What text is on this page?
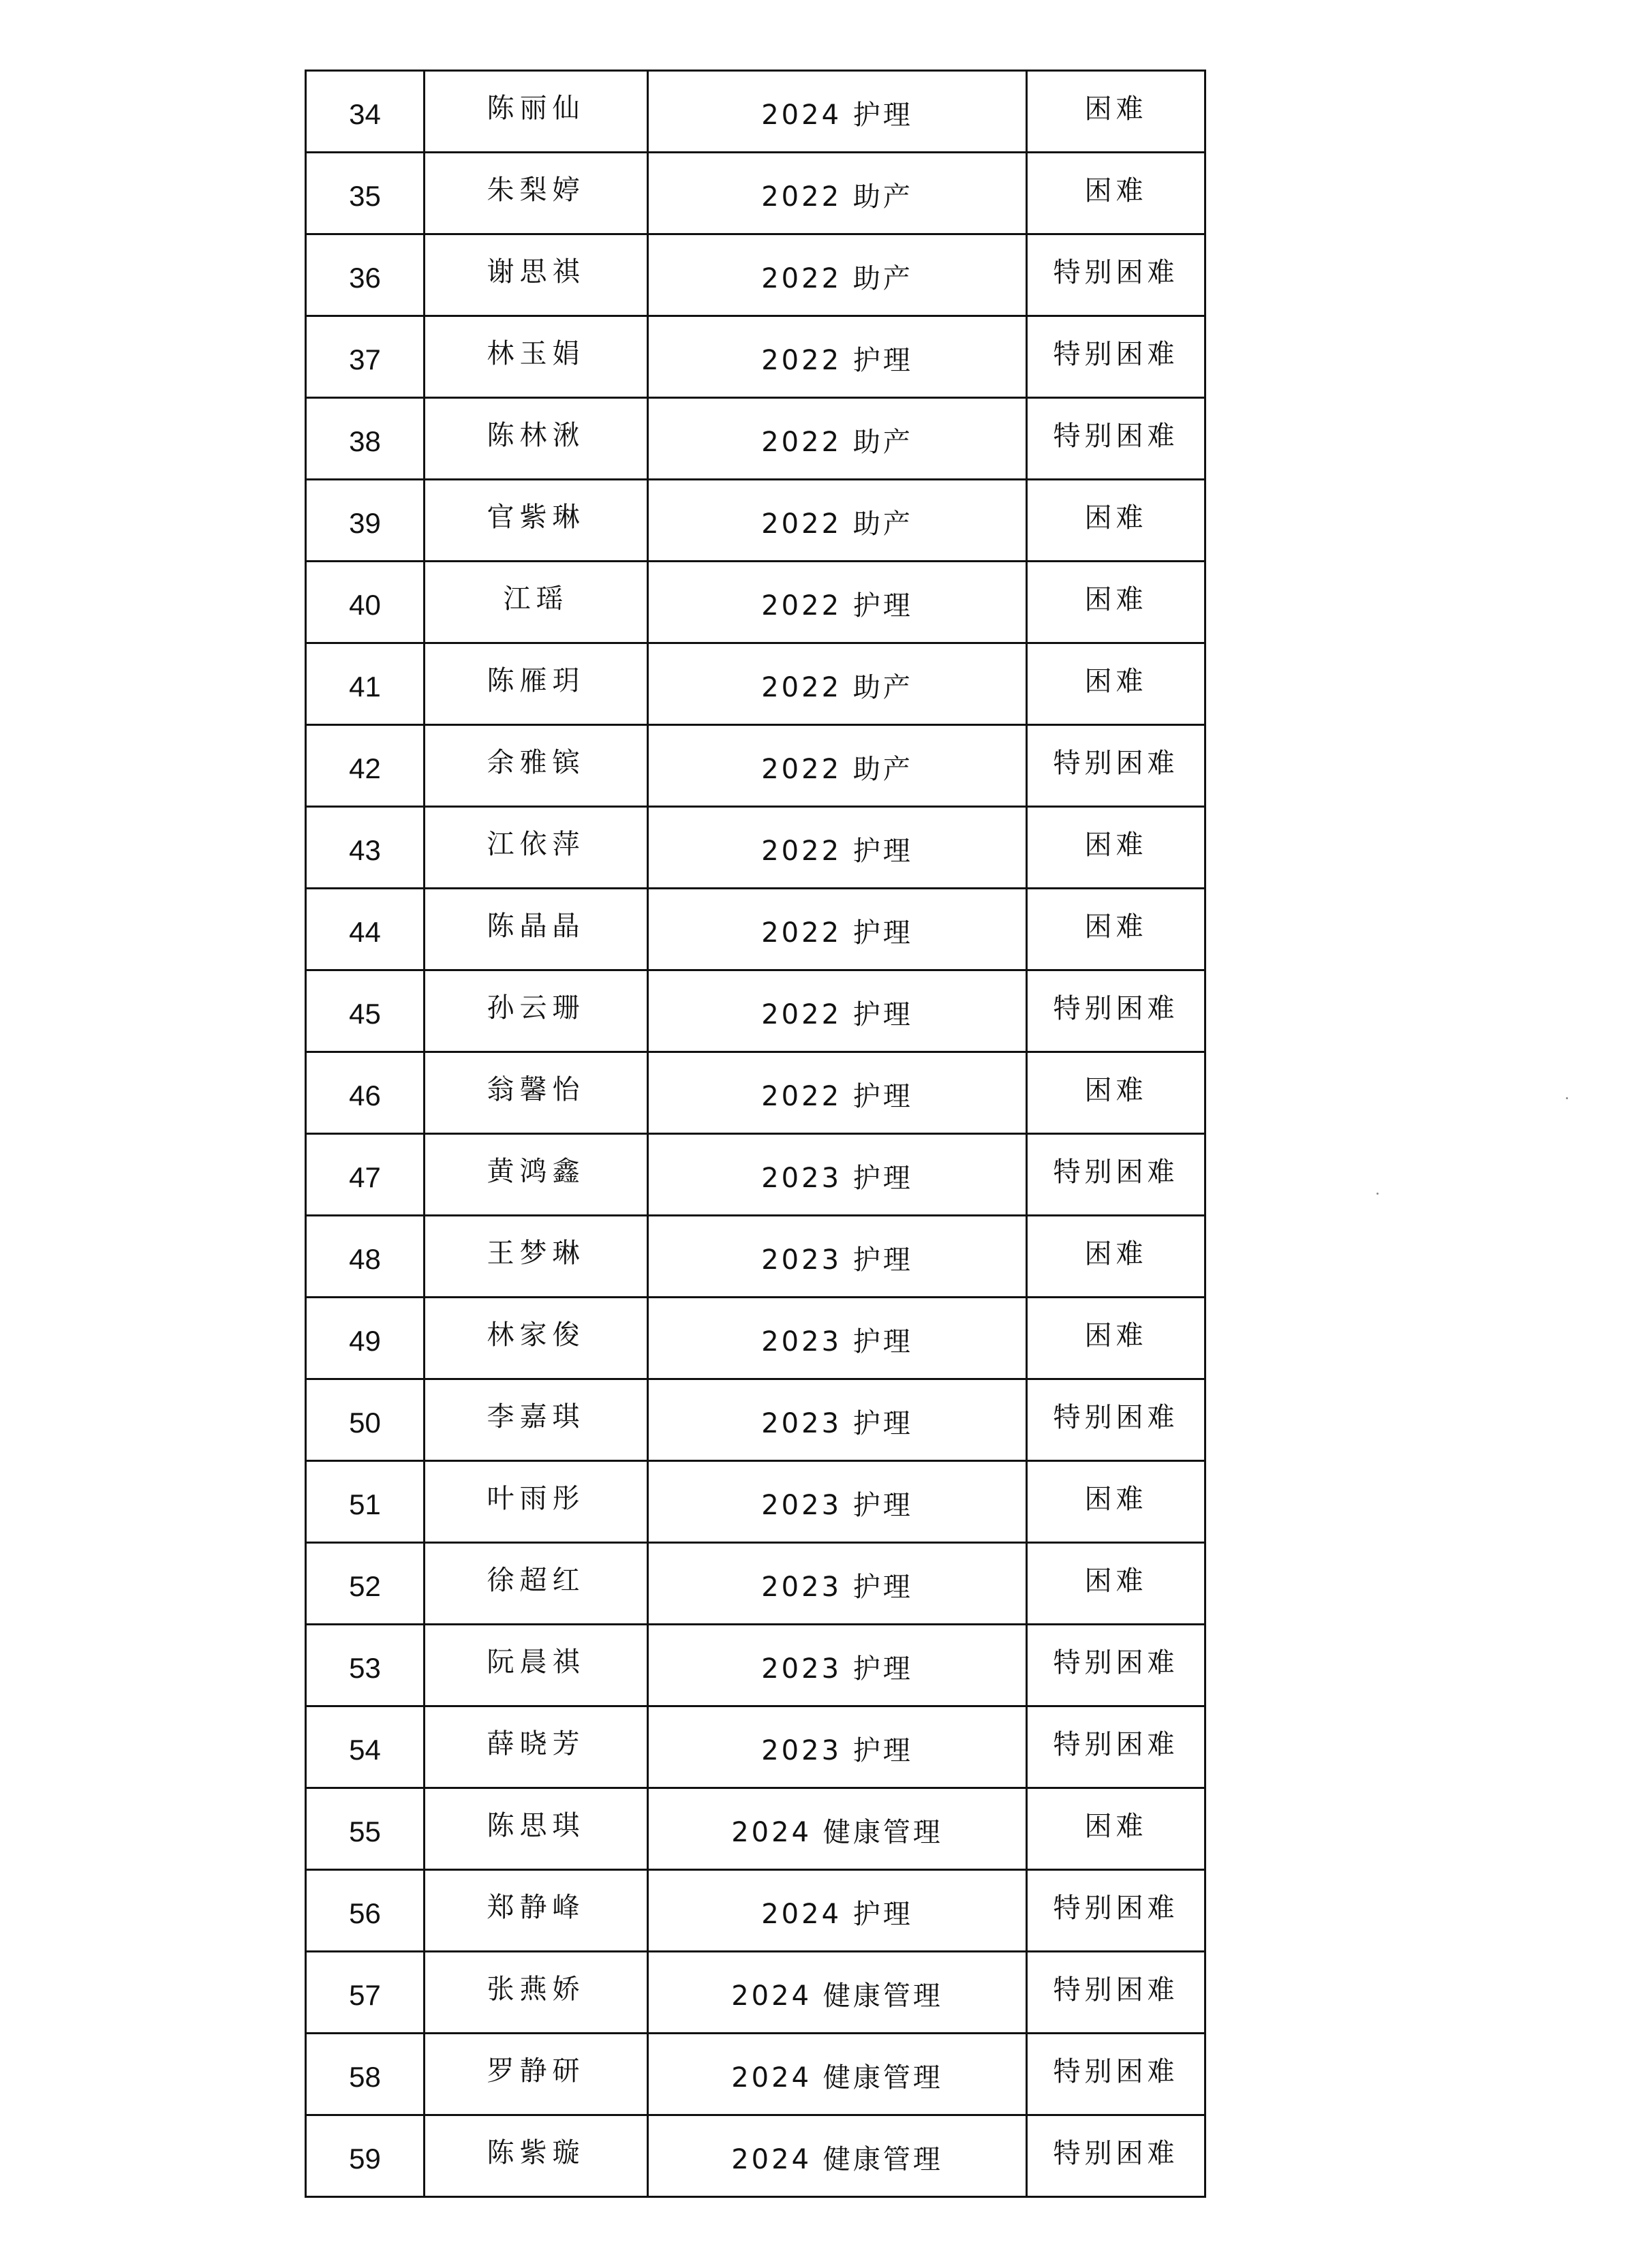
34	陈丽仙	2024 护理	困难
35	朱梨婷	2022 助产	困难
36	谢思祺	2022 助产	特别困难
37	林玉娟	2022 护理	特别困难
38	陈林湫	2022 助产	特别困难
39	官紫琳	2022 助产	困难
40	江瑶	2022 护理	困难
41	陈雁玥	2022 助产	困难
42	余雅镔	2022 助产	特别困难
43	江依萍	2022 护理	困难
44	陈晶晶	2022 护理	困难
45	孙云珊	2022 护理	特别困难
46	翁馨怡	2022 护理	困难
47	黄鸿鑫	2023 护理	特别困难
48	王梦琳	2023 护理	困难
49	林家俊	2023 护理	困难
50	李嘉琪	2023 护理	特别困难
51	叶雨彤	2023 护理	困难
52	徐超红	2023 护理	困难
53	阮晨祺	2023 护理	特别困难
54	薛晓芳	2023 护理	特别困难
55	陈思琪	2024 健康管理	困难
56	郑静峰	2024 护理	特别困难
57	张燕娇	2024 健康管理	特别困难
58	罗静研	2024 健康管理	特别困难
59	陈紫璇	2024 健康管理	特别困难
